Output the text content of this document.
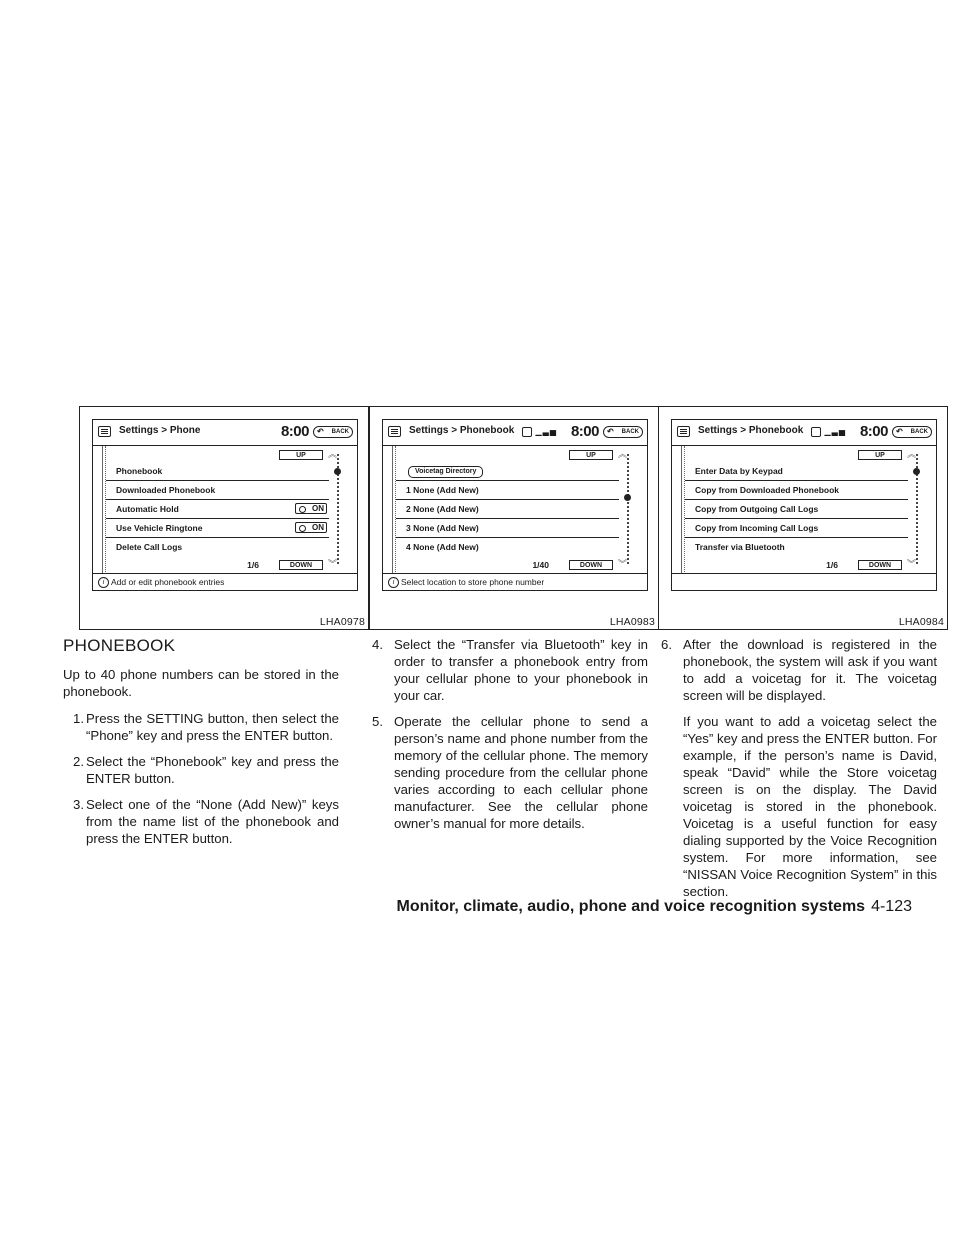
Settings > Phone	8:00 ↶ BACK
UP	︽
Phonebook
Downloaded Phonebook
Automatic Hold	ON
Use Vehicle Ringtone	ON
Delete Call Logs
1/6	DOWN	︾
i Add or edit phonebook entries
LHA0978
Settings > Phonebook	▁▃▅ 8:00 ↶ BACK
UP	︽
Voicetag Directory
1 None (Add New)
2 None (Add New)
3 None (Add New)
4 None (Add New)
1/40	DOWN	︾
i Select location to store phone number
LHA0983
Settings > Phonebook	▁▃▅ 8:00 ↶ BACK
UP	︽
Enter Data by Keypad
Copy from Downloaded Phonebook
Copy from Outgoing Call Logs
Copy from Incoming Call Logs
Transfer via Bluetooth
1/6	DOWN	︾
LHA0984
PHONEBOOK

Up to 40 phone numbers can be stored in the phonebook.

1. Press the SETTING button, then select the “Phone” key and press the ENTER button.
2. Select the “Phonebook” key and press the ENTER button.
3. Select one of the “None (Add New)” keys from the name list of the phonebook and press the ENTER button.
4. Select the “Transfer via Bluetooth” key in order to transfer a phonebook entry from your cellular phone to your phonebook in your car.
5. Operate the cellular phone to send a person’s name and phone number from the memory of the cellular phone. The memory sending procedure from the cellular phone varies according to each cellular phone manufacturer. See the cellular phone owner’s manual for more details.
6. After the download is registered in the phonebook, the system will ask if you want to add a voicetag for it. The voicetag screen will be displayed.

If you want to add a voicetag select the “Yes” key and press the ENTER button. For example, if the person’s name is David, speak “David” while the Store voicetag screen is on the display. The David voicetag is stored in the phonebook. Voicetag is a useful function for easy dialing supported by the Voice Recognition system. For more information, see “NISSAN Voice Recognition System” in this section.

Monitor, climate, audio, phone and voice recognition systems 4-123
